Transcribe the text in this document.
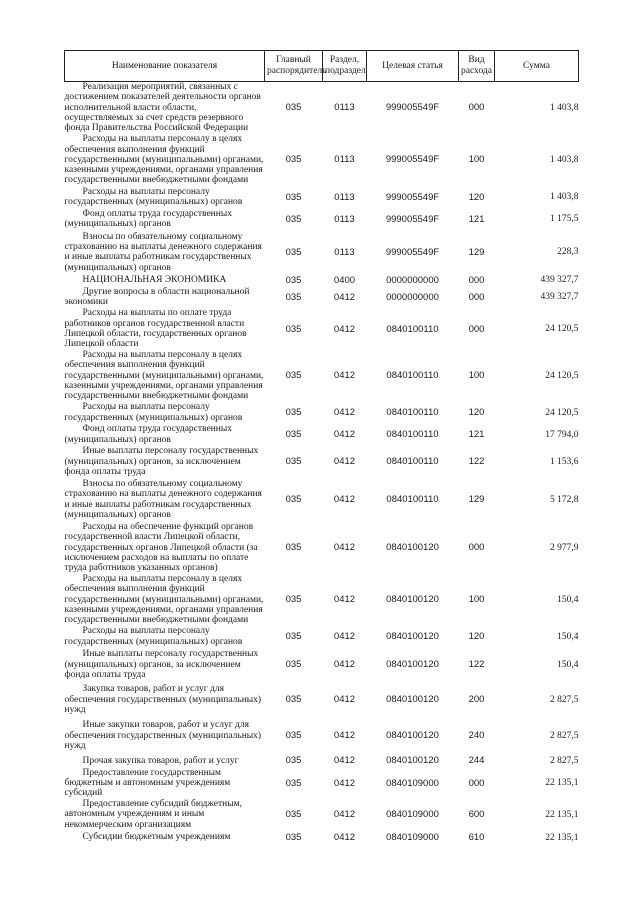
Наименование показателя	Главный распорядитель	Раздел, подраздел	Целевая статья	Вид расхода	Сумма
Реализация мероприятий, связанных с достижением показателей деятельности органов исполнительной власти области, осуществляемых за счет средств резервного фонда Правительства Российской Федерации	035	0113	999005549F	000	1 403,8
Расходы на выплаты персоналу в целях обеспечения выполнения функций государственными (муниципальными) органами, казенными учреждениями, органами управления государственными внебюджетными фондами	035	0113	999005549F	100	1 403,8
Расходы на выплаты персоналу государственных (муниципальных) органов	035	0113	999005549F	120	1 403,8
Фонд оплаты труда государственных (муниципальных) органов	035	0113	999005549F	121	1 175,5
Взносы по обязательному социальному страхованию на выплаты денежного содержания и иные выплаты работникам государственных (муниципальных) органов	035	0113	999005549F	129	228,3
НАЦИОНАЛЬНАЯ ЭКОНОМИКА	035	0400	0000000000	000	439 327,7
Другие вопросы в области национальной экономики	035	0412	0000000000	000	439 327,7
Расходы на выплаты по оплате труда работников органов государственной власти Липецкой области, государственных органов Липецкой области	035	0412	0840100110	000	24 120,5
Расходы на выплаты персоналу в целях обеспечения выполнения функций государственными (муниципальными) органами, казенными учреждениями, органами управления государственными внебюджетными фондами	035	0412	0840100110	100	24 120,5
Расходы на выплаты персоналу государственных (муниципальных) органов	035	0412	0840100110	120	24 120,5
Фонд оплаты труда государственных (муниципальных) органов	035	0412	0840100110	121	17 794,0
Иные выплаты персоналу государственных (муниципальных) органов, за исключением фонда оплаты труда	035	0412	0840100110	122	1 153,6
Взносы по обязательному социальному страхованию на выплаты денежного содержания и иные выплаты работникам государственных (муниципальных) органов	035	0412	0840100110	129	5 172,8
Расходы на обеспечение функций органов государственной власти Липецкой области, государственных органов Липецкой области (за исключением расходов на выплаты по оплате труда работников указанных органов)	035	0412	0840100120	000	2 977,9
Расходы на выплаты персоналу в целях обеспечения выполнения функций государственными (муниципальными) органами, казенными учреждениями, органами управления государственными внебюджетными фондами	035	0412	0840100120	100	150,4
Расходы на выплаты персоналу государственных (муниципальных) органов	035	0412	0840100120	120	150,4
Иные выплаты персоналу государственных (муниципальных) органов, за исключением фонда оплаты труда	035	0412	0840100120	122	150,4
Закупка товаров, работ и услуг для обеспечения государственных (муниципальных) нужд	035	0412	0840100120	200	2 827,5
Иные закупки товаров, работ и услуг для обеспечения государственных (муниципальных) нужд	035	0412	0840100120	240	2 827,5
Прочая закупка товаров, работ и услуг	035	0412	0840100120	244	2 827,5
Предоставление государственным бюджетным и автономным учреждениям субсидий	035	0412	0840109000	000	22 135,1
Предоставление субсидий бюджетным, автономным учреждениям и иным некоммерческим организациям	035	0412	0840109000	600	22 135,1
Субсидии бюджетным учреждениям	035	0412	0840109000	610	22 135,1
